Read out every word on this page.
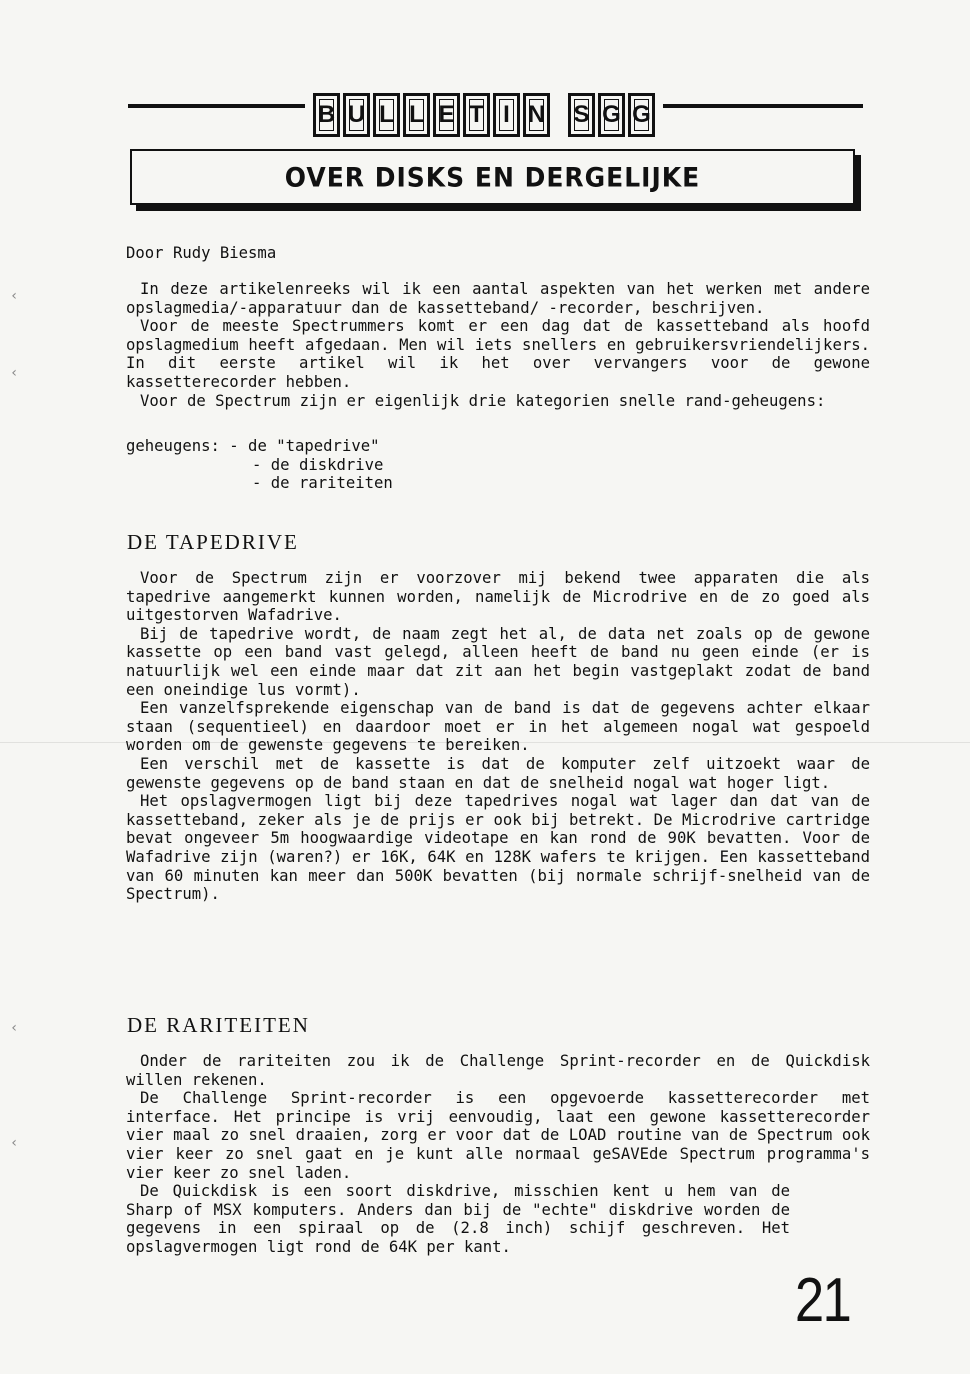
B U L L E T I N S G G
OVER DISKS EN DERGELIJKE
Door Rudy Biesma

In deze artikelenreeks wil ik een aantal aspekten van het werken met andere opslagmedia/-apparatuur dan de kassetteband/ -recorder, beschrijven.

Voor de meeste Spectrummers komt er een dag dat de kassetteband als hoofd opslagmedium heeft afgedaan. Men wil iets snellers en gebruikersvriendelijkers. In dit eerste artikel wil ik het over vervangers voor de gewone kassetterecorder hebben.

Voor de Spectrum zijn er eigenlijk drie kategorien snelle rand-geheugens:

geheugens: - de "tapedrive"
- de diskdrive
- de rariteiten
DE TAPEDRIVE

Voor de Spectrum zijn er voorzover mij bekend twee apparaten die als tapedrive aangemerkt kunnen worden, namelijk de Microdrive en de zo goed als uitgestorven Wafadrive.

Bij de tapedrive wordt, de naam zegt het al, de data net zoals op de gewone kassette op een band vast gelegd, alleen heeft de band nu geen einde (er is natuurlijk wel een einde maar dat zit aan het begin vastgeplakt zodat de band een oneindige lus vormt).

Een vanzelfsprekende eigenschap van de band is dat de gegevens achter elkaar staan (sequentieel) en daardoor moet er in het algemeen nogal wat gespoeld worden om de gewenste gegevens te bereiken.

Een verschil met de kassette is dat de komputer zelf uitzoekt waar de gewenste gegevens op de band staan en dat de snelheid nogal wat hoger ligt.

Het opslagvermogen ligt bij deze tapedrives nogal wat lager dan dat van de kassetteband, zeker als je de prijs er ook bij betrekt. De Microdrive cartridge bevat ongeveer 5m hoogwaardige videotape en kan rond de 90K bevatten. Voor de Wafadrive zijn (waren?) er 16K, 64K en 128K wafers te krijgen. Een kassetteband van 60 minuten kan meer dan 500K bevatten (bij normale schrijf-snelheid van de Spectrum).

DE RARITEITEN

Onder de rariteiten zou ik de Challenge Sprint-recorder en de Quickdisk willen rekenen.

De Challenge Sprint-recorder is een opgevoerde kassetterecorder met interface. Het principe is vrij eenvoudig, laat een gewone kassetterecorder vier maal zo snel draaien, zorg er voor dat de LOAD routine van de Spectrum ook vier keer zo snel gaat en je kunt alle normaal geSAVEde Spectrum programma's vier keer zo snel laden.

De Quickdisk is een soort diskdrive, misschien kent u hem van de Sharp of MSX komputers. Anders dan bij de "echte" diskdrive worden de gegevens in een spiraal op de (2.8 inch) schijf geschreven. Het opslagvermogen ligt rond de 64K per kant.

21
‹
‹
‹
‹
